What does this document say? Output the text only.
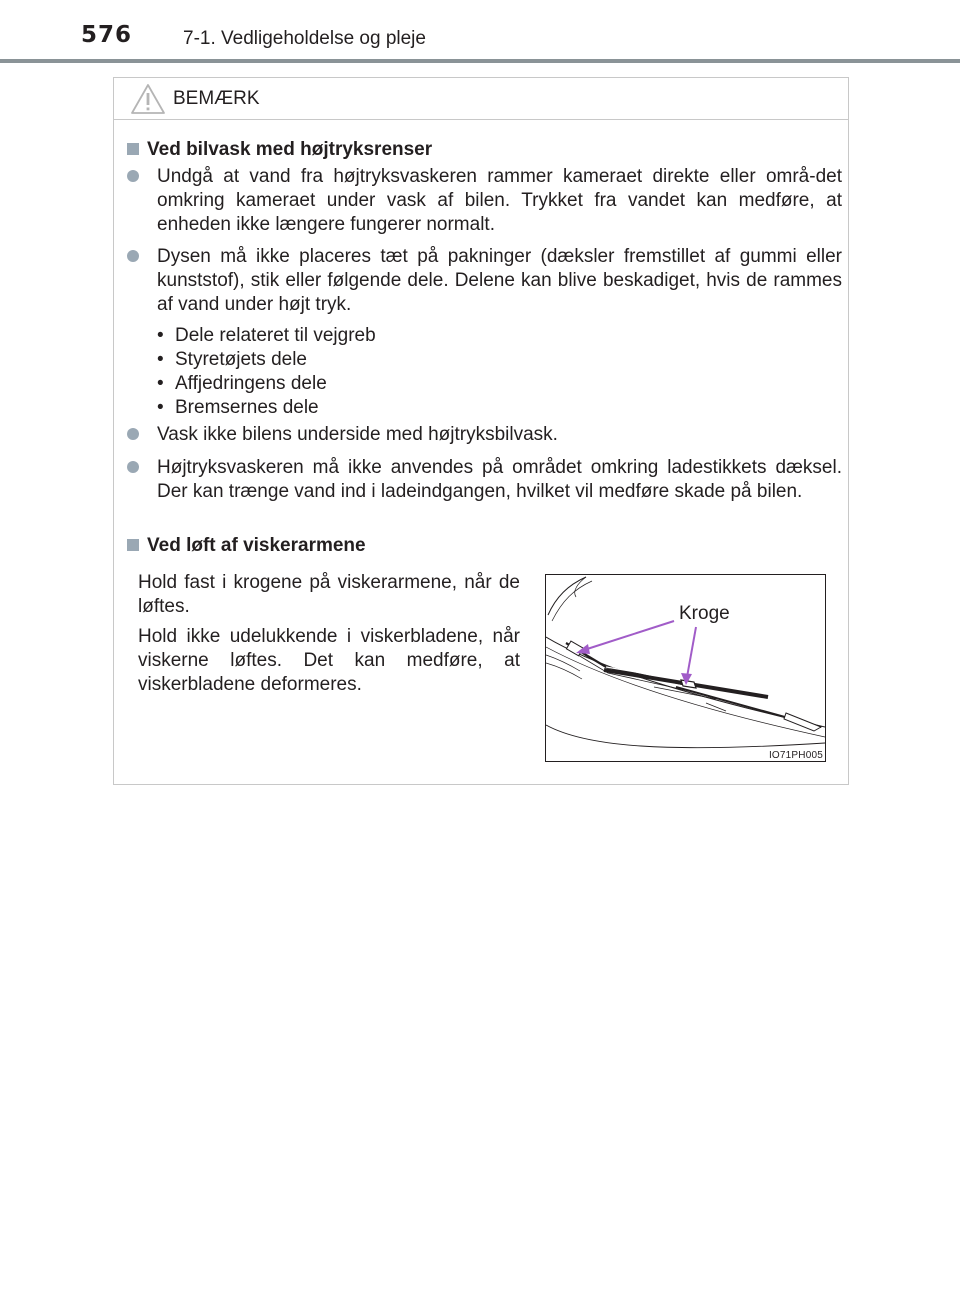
576	7-1. Vedligeholdelse og pleje
BEMÆRK
Ved bilvask med højtryksrenser
Undgå at vand fra højtryksvaskeren rammer kameraet direkte eller områ-det omkring kameraet under vask af bilen. Trykket fra vandet kan medføre, at enheden ikke længere fungerer normalt.
Dysen må ikke placeres tæt på pakninger (dæksler fremstillet af gummi eller kunststof), stik eller følgende dele. Delene kan blive beskadiget, hvis de rammes af vand under højt tryk.
• Dele relateret til vejgreb
• Styretøjets dele
• Affjedringens dele
• Bremsernes dele
Vask ikke bilens underside med højtryksbilvask.
Højtryksvaskeren må ikke anvendes på området omkring ladestikkets dæksel. Der kan trænge vand ind i ladeindgangen, hvilket vil medføre skade på bilen.
Ved løft af viskerarmene
Hold fast i krogene på viskerarmene, når de løftes.
Hold ikke udelukkende i viskerbladene, når viskerne løftes. Det kan medføre, at viskerbladene deformeres.
Kroge
IO71PH005
